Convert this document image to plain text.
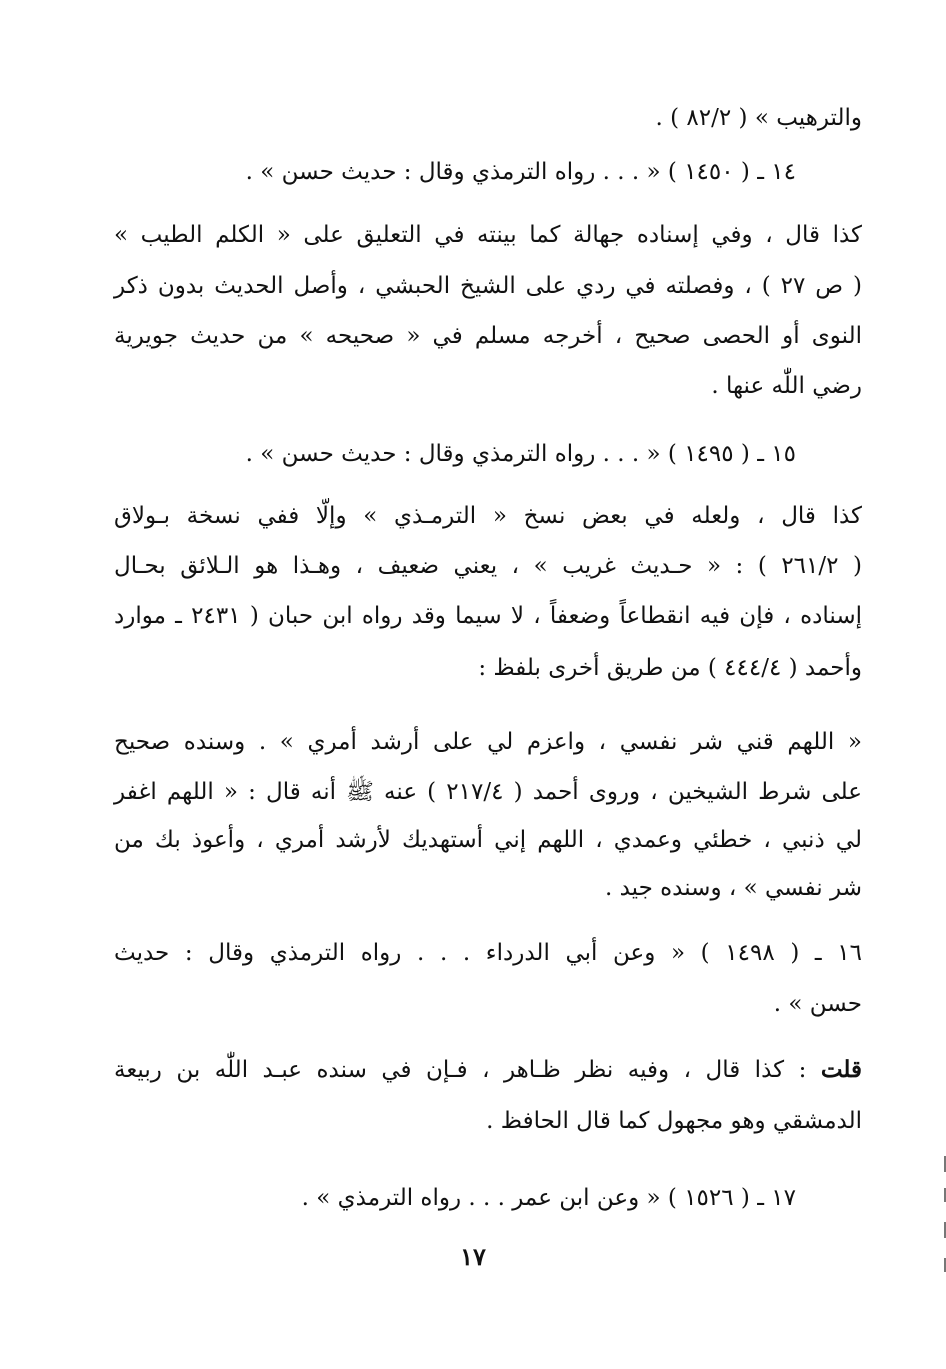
والترهيب » ( ٨٢/٢ ) .
١٤ ـ ( ١٤٥٠ ) « . . . رواه الترمذي وقال : حديث حسن » .
كذا قال ، وفي إسناده جهالة كما بينته في التعليق على « الكلم الطيب »
( ص ٢٧ ) ، وفصلته في ردي على الشيخ الحبشي ، وأصل الحديث بدون ذكر
النوى أو الحصى صحيح ، أخرجه مسلم في « صحيحه » من حديث جويرية
رضي اللّٰه عنها .
١٥ ـ ( ١٤٩٥ ) « . . . رواه الترمذي وقال : حديث حسن » .
كذا قال ، ولعله في بعض نسخ « الترمـذي » وإلّا ففي نسخة بـولاق
( ٢٦١/٢ ) : « حـديث غريب » ، يعني ضعيف ، وهـذا هو الـلائق بحـال
إسناده ، فإن فيه انقطاعاً وضعفاً ، لا سيما وقد رواه ابن حبان ( ٢٤٣١ ـ موارد
وأحمد ( ٤٤٤/٤ ) من طريق أخرى بلفظ :
« اللهم قني شر نفسي ، واعزم لي على أرشد أمري » . وسنده صحيح
على شرط الشيخين ، وروى أحمد ( ٢١٧/٤ ) عنه ﷺ أنه قال : « اللهم اغفر
لي ذنبي ، خطئي وعمدي ، اللهم إني أستهديك لأرشد أمري ، وأعوذ بك من
شر نفسي » ، وسنده جيد .
١٦ ـ ( ١٤٩٨ ) « وعن أبي الدرداء . . . رواه الترمذي وقال : حديث
حسن » .
قلت : كذا قال ، وفيه نظر ظـاهر ، فـإن في سنده عبـد اللّٰه بن ربيعة
الدمشقي وهو مجهول كما قال الحافظ .
١٧ ـ ( ١٥٢٦ ) « وعن ابن عمر . . . رواه الترمذي » .
١٧
